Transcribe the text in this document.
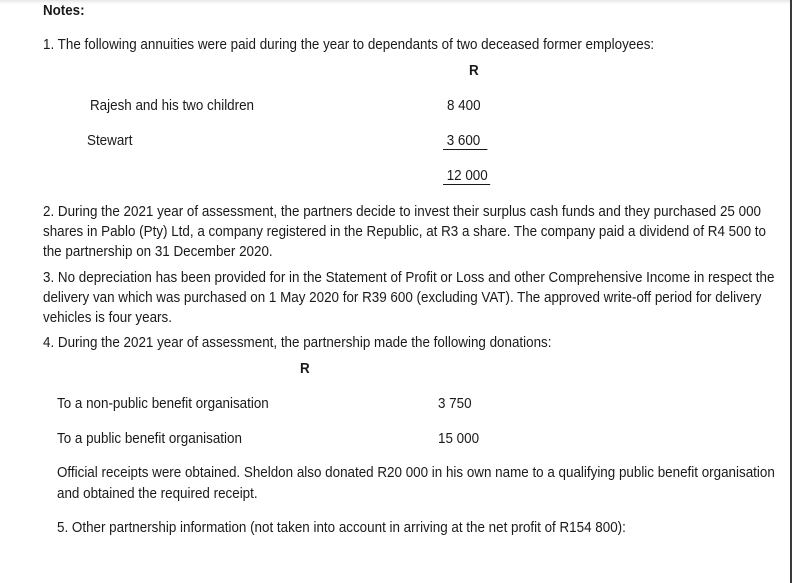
Notes:
1. The following annuities were paid during the year to dependants of two deceased former employees:
R
Rajesh and his two children	8 400
Stewart	3 600
12 000
2. During the 2021 year of assessment, the partners decide to invest their surplus cash funds and they purchased 25 000
shares in Pablo (Pty) Ltd, a company registered in the Republic, at R3 a share. The company paid a dividend of R4 500 to
the partnership on 31 December 2020.
3. No depreciation has been provided for in the Statement of Profit or Loss and other Comprehensive Income in respect the
delivery van which was purchased on 1 May 2020 for R39 600 (excluding VAT). The approved write-off period for delivery
vehicles is four years.
4. During the 2021 year of assessment, the partnership made the following donations:
R
To a non-public benefit organisation	3 750
To a public benefit organisation	15 000
Official receipts were obtained. Sheldon also donated R20 000 in his own name to a qualifying public benefit organisation
and obtained the required receipt.
5. Other partnership information (not taken into account in arriving at the net profit of R154 800):
